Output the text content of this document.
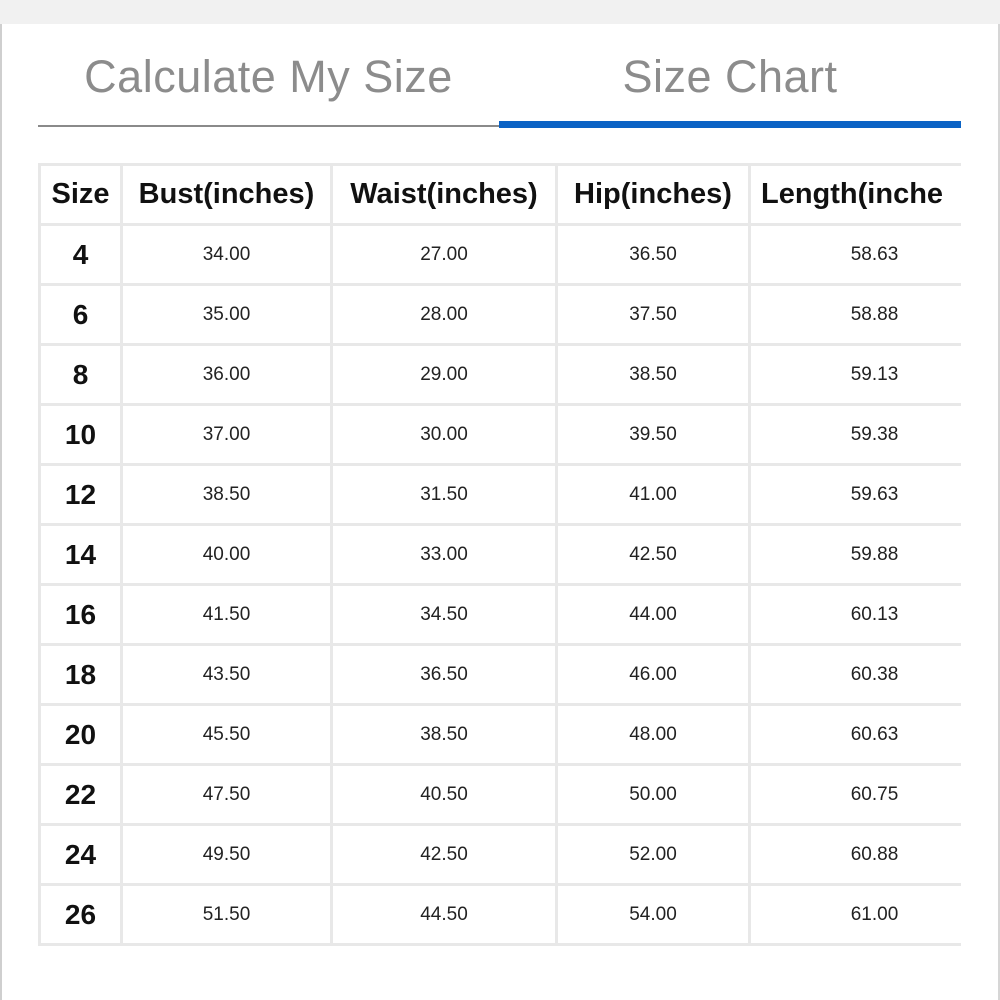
Calculate My Size	Size Chart
Size	Bust(inches)	Waist(inches)	Hip(inches)	Length(inche
4	34.00	27.00	36.50	58.63
6	35.00	28.00	37.50	58.88
8	36.00	29.00	38.50	59.13
10	37.00	30.00	39.50	59.38
12	38.50	31.50	41.00	59.63
14	40.00	33.00	42.50	59.88
16	41.50	34.50	44.00	60.13
18	43.50	36.50	46.00	60.38
20	45.50	38.50	48.00	60.63
22	47.50	40.50	50.00	60.75
24	49.50	42.50	52.00	60.88
26	51.50	44.50	54.00	61.00
